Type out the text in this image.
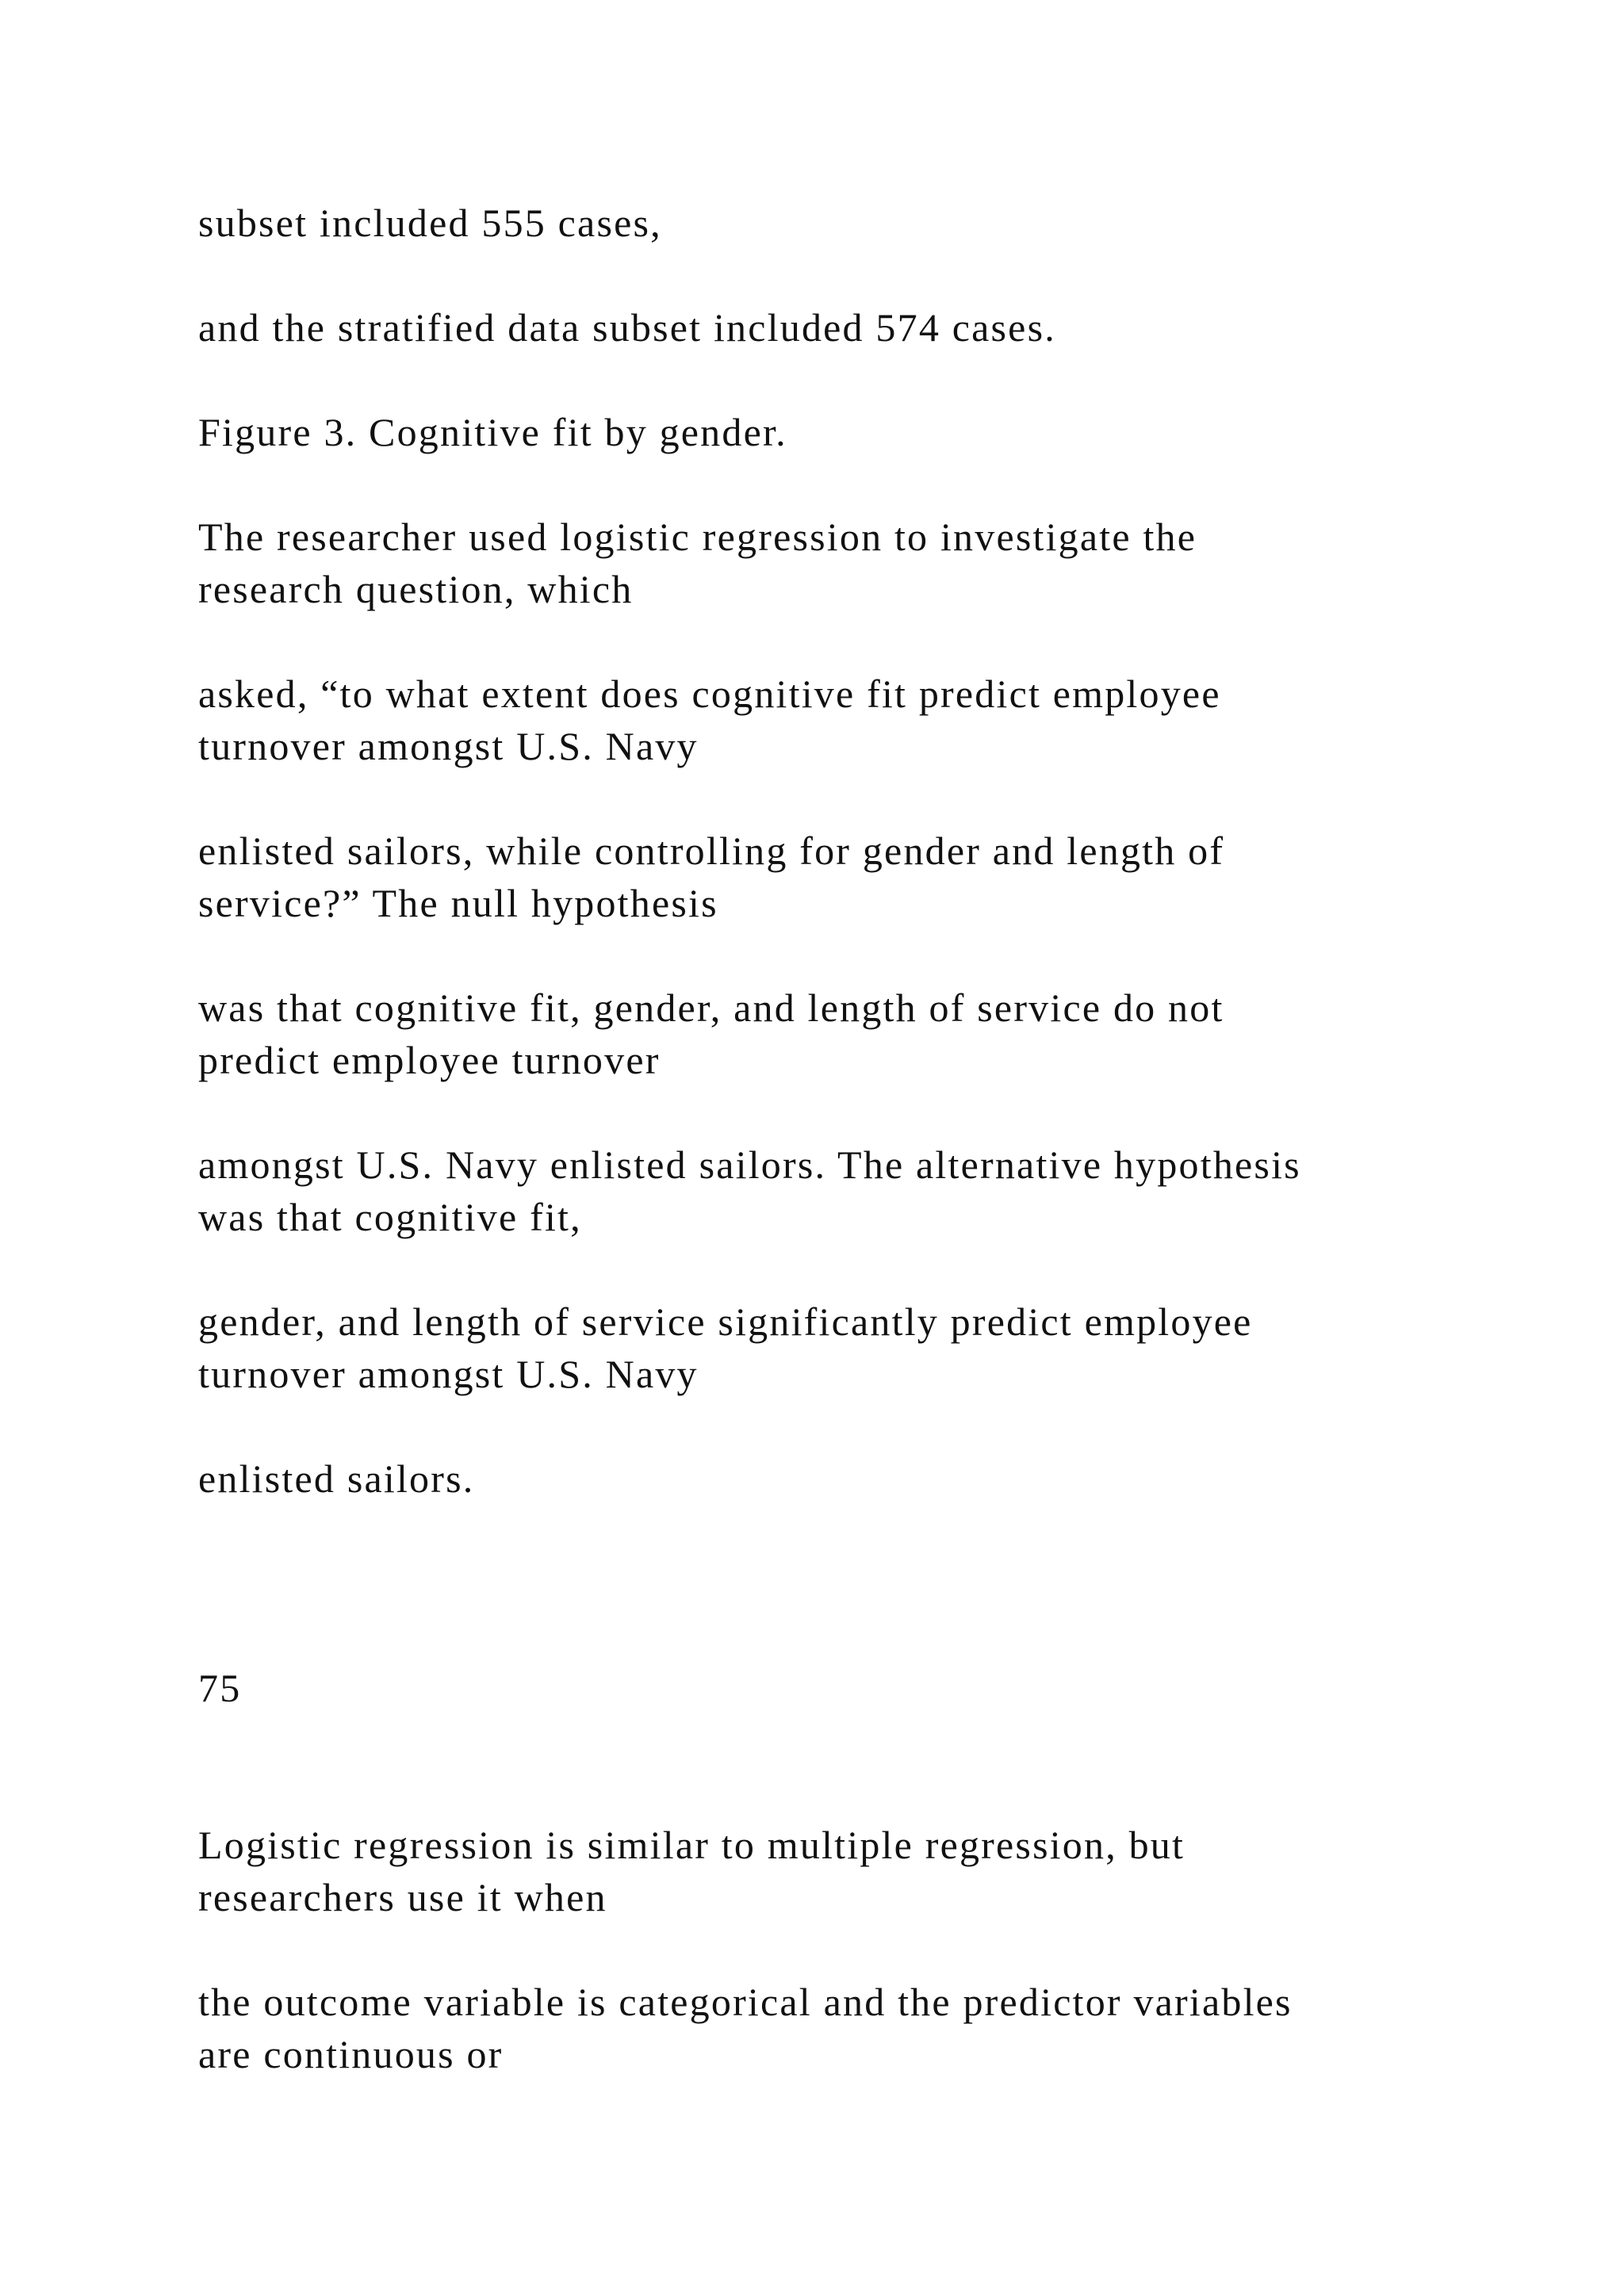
subset included 555 cases,

and the stratified data subset included 574 cases.

Figure 3. Cognitive fit by gender.

The researcher used logistic regression to investigate the

research question, which

asked, “to what extent does cognitive fit predict employee

turnover amongst U.S. Navy

enlisted sailors, while controlling for gender and length of

service?” The null hypothesis

was that cognitive fit, gender, and length of service do not

predict employee turnover

amongst U.S. Navy enlisted sailors. The alternative hypothesis

was that cognitive fit,

gender, and length of service significantly predict employee

turnover amongst U.S. Navy

enlisted sailors.

75

Logistic regression is similar to multiple regression, but

researchers use it when

the outcome variable is categorical and the predictor variables

are continuous or
